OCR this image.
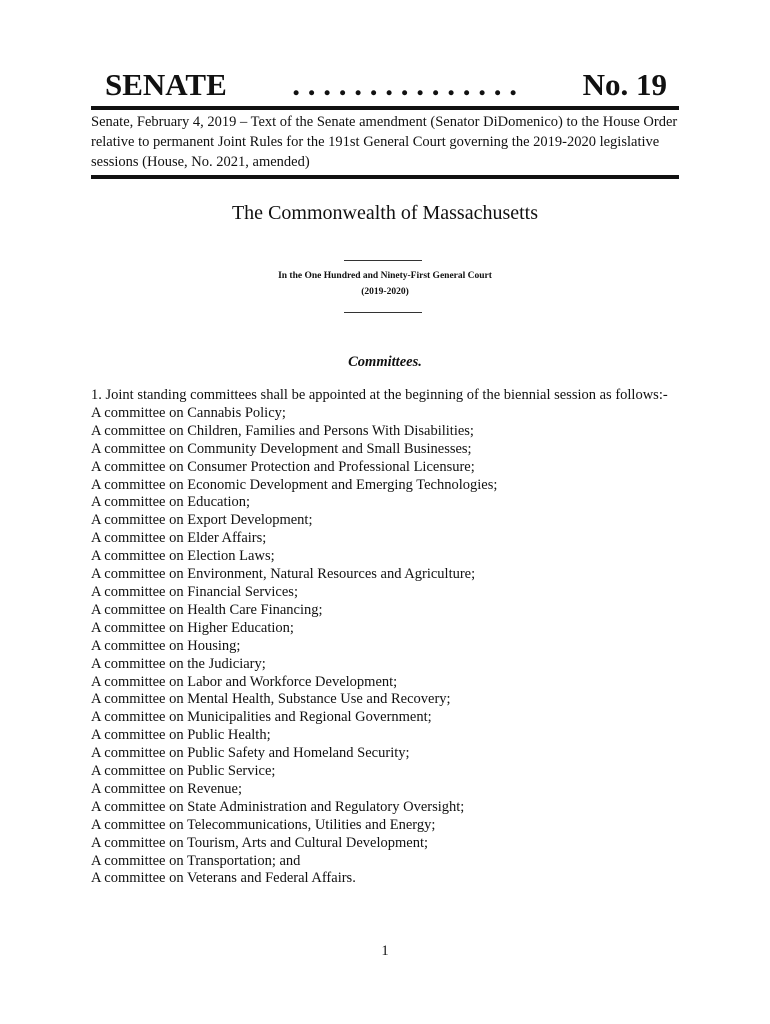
SENATE . . . . . . . . . . . . . . . No. 19
Senate, February 4, 2019 – Text of the Senate amendment (Senator DiDomenico) to the House Order relative to permanent Joint Rules for the 191st General Court governing the 2019-2020 legislative sessions (House, No. 2021, amended)
The Commonwealth of Massachusetts
In the One Hundred and Ninety-First General Court
(2019-2020)
Committees.

1. Joint standing committees shall be appointed at the beginning of the biennial session as follows:-

A committee on Cannabis Policy;
A committee on Children, Families and Persons With Disabilities;
A committee on Community Development and Small Businesses;
A committee on Consumer Protection and Professional Licensure;
A committee on Economic Development and Emerging Technologies;
A committee on Education;
A committee on Export Development;
A committee on Elder Affairs;
A committee on Election Laws;
A committee on Environment, Natural Resources and Agriculture;
A committee on Financial Services;
A committee on Health Care Financing;
A committee on Higher Education;
A committee on Housing;
A committee on the Judiciary;
A committee on Labor and Workforce Development;
A committee on Mental Health, Substance Use and Recovery;
A committee on Municipalities and Regional Government;
A committee on Public Health;
A committee on Public Safety and Homeland Security;
A committee on Public Service;
A committee on Revenue;
A committee on State Administration and Regulatory Oversight;
A committee on Telecommunications, Utilities and Energy;
A committee on Tourism, Arts and Cultural Development;
A committee on Transportation; and
A committee on Veterans and Federal Affairs.
1
